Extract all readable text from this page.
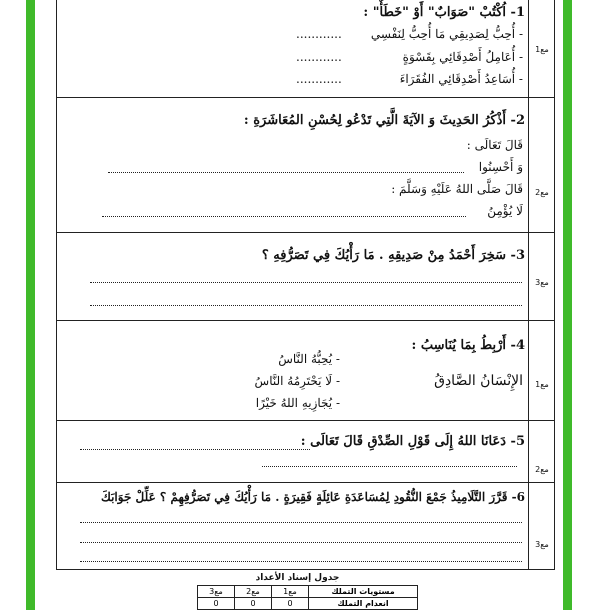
مع1
مع2
مع3
مع1
مع2
مع3
1- اُكْتُبْ "صَوَابٌ" أَوْ "خَطَأٌ" :
- أُحِبُّ لِصَدِيقِي مَا أُحِبُّ لِنَفْسِي
............
- أُعَامِلُ أَصْدِقَائِي بِقَسْوَةٍ
............
- أُسَاعِدُ أَصْدِقَائِي الفُقَرَاءَ
............
2- أَذْكُرُ الحَدِيثَ وَ الآيَةَ الَّتِي تَدْعُو لِحُسْنِ المُعَاشَرَةِ :
قَالَ تَعَالَى :
وَ أَحْسِنُوا
قَالَ صَلَّى اللهُ عَلَيْهِ وَسَلَّمَ :
لَا يُؤْمِنُ
3- سَخِرَ أَحْمَدُ مِنْ صَدِيقِهِ . مَا رَأْيُكَ فِي تَصَرُّفِهِ ؟
4- أَرْبِطُ بِمَا يُنَاسِبُ :
الإِنْسَانُ الصَّادِقُ
- يُحِبُّهُ النَّاسُ
- لَا يَحْتَرِمُهُ النَّاسُ
- يُجَازِيهِ اللهُ خَيْرًا
5- دَعَانَا اللهُ إِلَى قَوْلِ الصِّدْقِ قَالَ تَعَالَى :
6- قَرَّرَ التَّلَامِيذُ جَمْعَ النُّقُودِ لِمُسَاعَدَةِ عَائِلَةٍ فَقِيرَةٍ . مَا رَأْيُكَ فِي تَصَرُّفِهِمْ ؟ عَلِّلْ جَوَابَكَ
جدول إسناد الأعداد
مستويات التملك	مع1	مع2	مع3
انعدام التملك	0	0	0
